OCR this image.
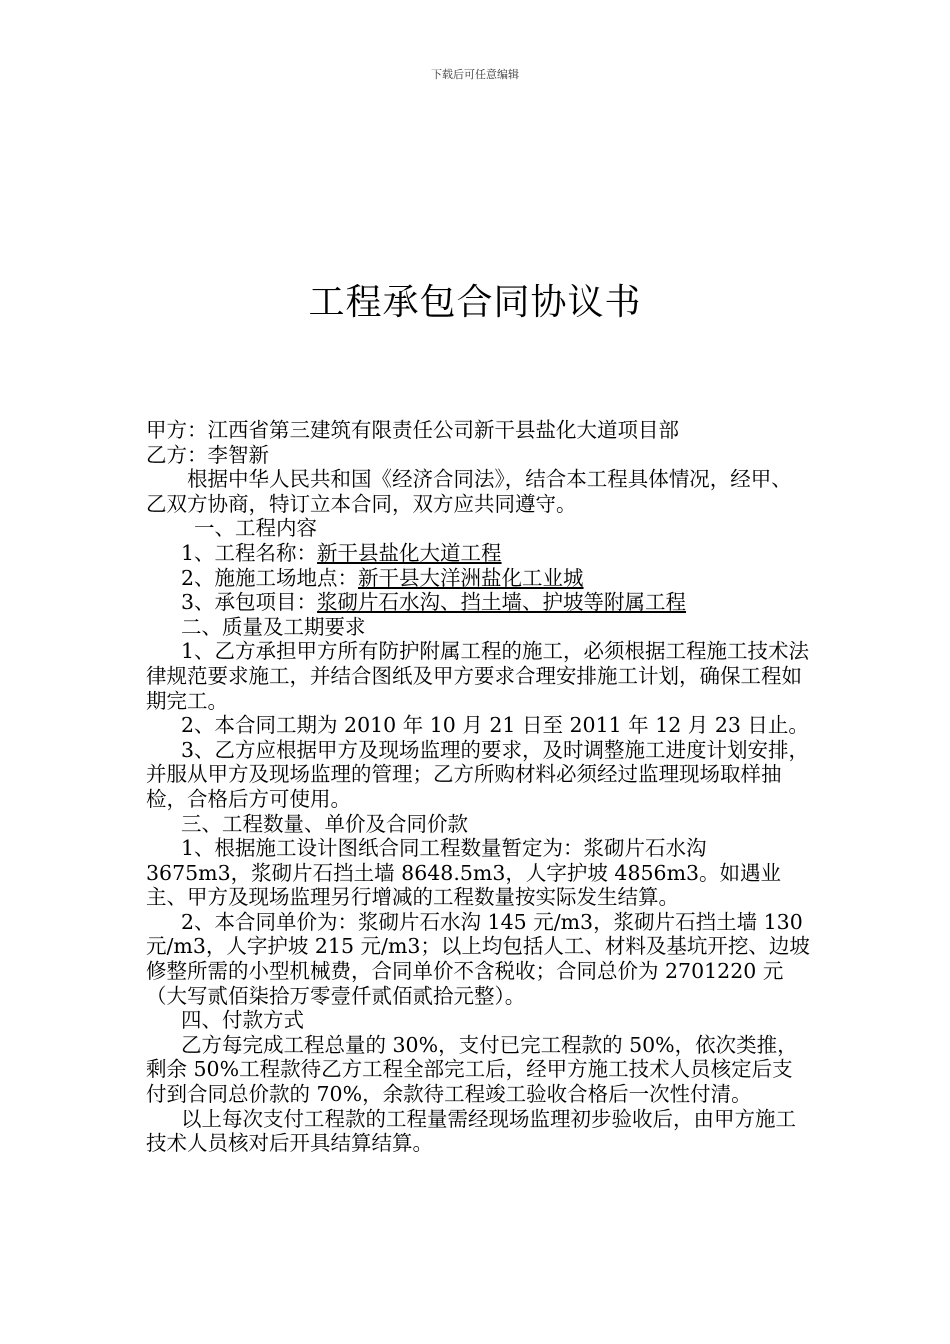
下载后可任意编辑
工程承包合同协议书

甲方：江西省第三建筑有限责任公司新干县盐化大道项目部

乙方：李智新

根据中华人民共和国《经济合同法》，结合本工程具体情况，经甲、乙双方协商，特订立本合同，双方应共同遵守。

一、工程内容

1、工程名称：新干县盐化大道工程

2、施施工场地点：新干县大洋洲盐化工业城

3、承包项目：浆砌片石水沟、挡土墙、护坡等附属工程

二、质量及工期要求

1、乙方承担甲方所有防护附属工程的施工，必须根据工程施工技术法律规范要求施工，并结合图纸及甲方要求合理安排施工计划，确保工程如期完工。

2、本合同工期为 2010 年 10 月 21 日至 2011 年 12 月 23 日止。

3、乙方应根据甲方及现场监理的要求，及时调整施工进度计划安排，并服从甲方及现场监理的管理；乙方所购材料必须经过监理现场取样抽检，合格后方可使用。

三、工程数量、单价及合同价款

1、根据施工设计图纸合同工程数量暂定为：浆砌片石水沟 3675m3，浆砌片石挡土墙 8648.5m3，人字护坡 4856m3。如遇业主、甲方及现场监理另行增减的工程数量按实际发生结算。

2、本合同单价为：浆砌片石水沟 145 元/m3，浆砌片石挡土墙 130 元/m3，人字护坡 215 元/m3；以上均包括人工、材料及基坑开挖、边坡修整所需的小型机械费，合同单价不含税收；合同总价为 2701220 元（大写贰佰柒拾万零壹仟贰佰贰拾元整）。

四、付款方式

乙方每完成工程总量的 30%，支付已完工程款的 50%，依次类推，剩余 50%工程款待乙方工程全部完工后，经甲方施工技术人员核定后支付到合同总价款的 70%，余款待工程竣工验收合格后一次性付清。

以上每次支付工程款的工程量需经现场监理初步验收后，由甲方施工技术人员核对后开具结算结算。
